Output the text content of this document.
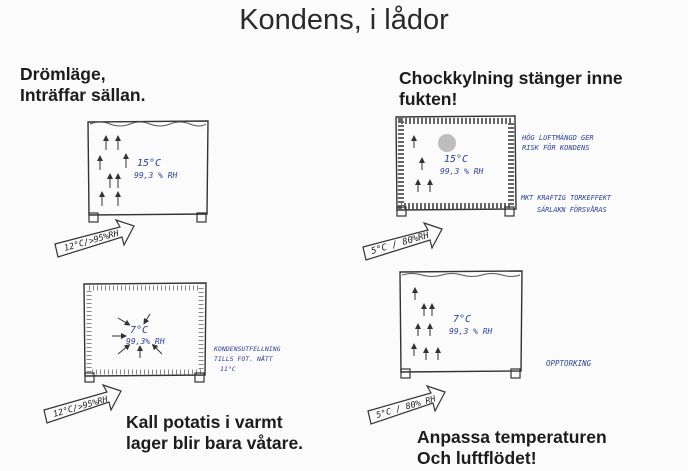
Kondens, i lådor
Drömläge,
Inträffar sällan.
Chockkylning stänger inne
fukten!
Kall potatis i varmt
lager blir bara våtare.	Anpassa temperaturen
Och luftflödet!
15°C
99,3 % RH
12°C/>95%RH
15°C
99,3 % RH
HÖG LUFTMÄNGD GER
RISK FÖR KONDENS
MKT KRAFTIG TORKEFFEKT
SÄRLAKN FÖRSVÅRAS
5°C / 80%RH
7°C
99,3% RH
KONDENSUTFELLNING
TILLS FOT. NÅTT
11°C
12°C/>95%RH
7°C
99,3 % RH
OPPTORKING
5°C / 80% RH
